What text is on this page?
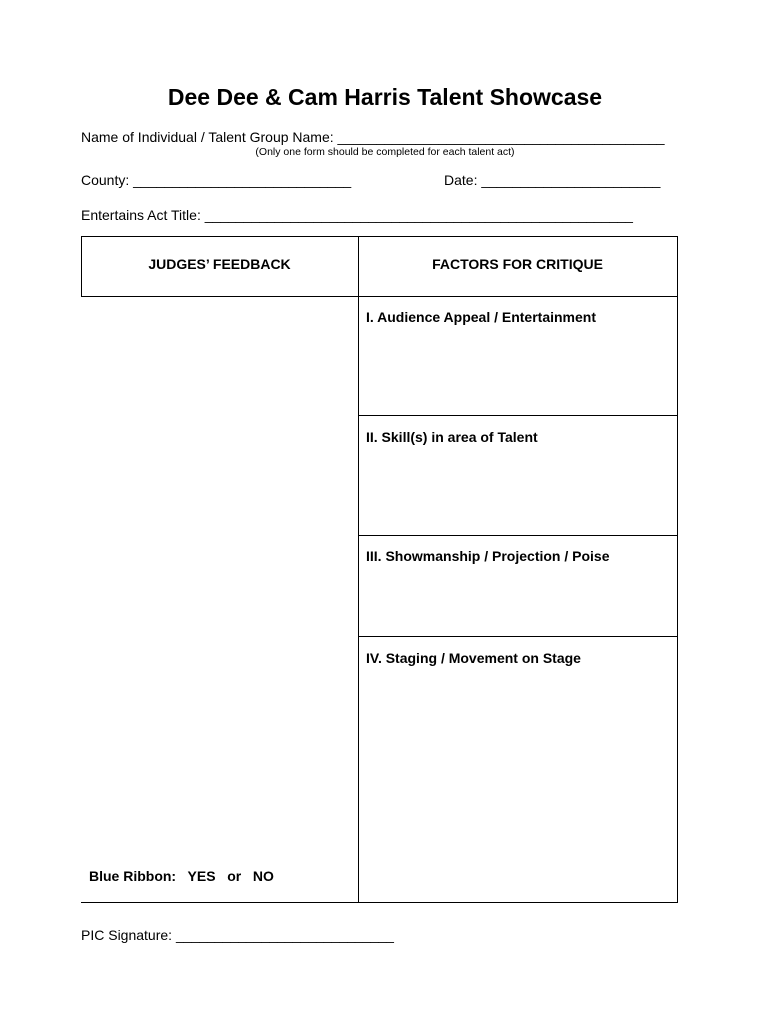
Dee Dee & Cam Harris Talent Showcase
Name of Individual / Talent Group Name: __________________________________________
(Only one form should be completed for each talent act)
County: ____________________________	Date: _______________________
Entertains Act Title: _______________________________________________________
JUDGES’ FEEDBACK	FACTORS FOR CRITIQUE
I. Audience Appeal / Entertainment
II. Skill(s) in area of Talent
III. Showmanship / Projection / Poise
IV. Staging / Movement on Stage
Blue Ribbon:   YES   or   NO
PIC Signature: ____________________________
